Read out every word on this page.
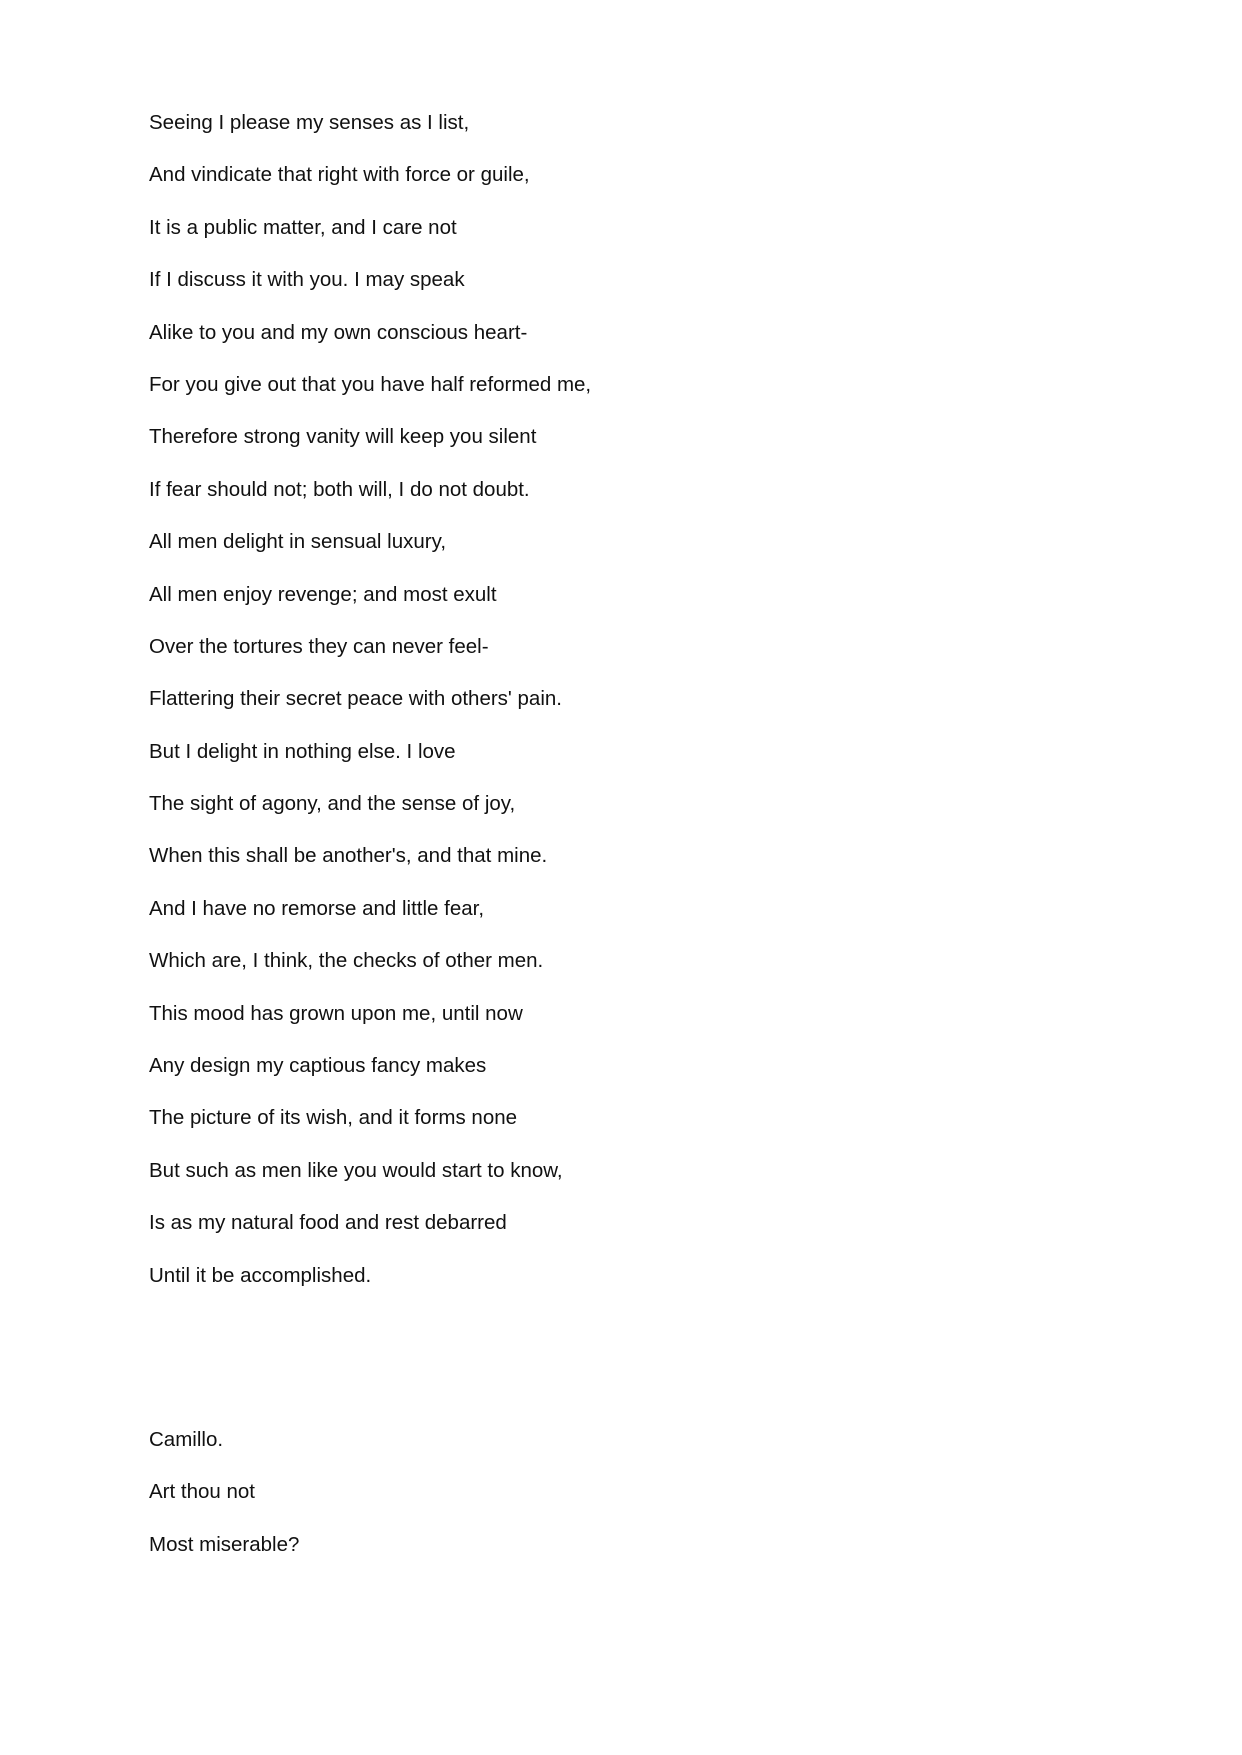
Seeing I please my senses as I list,
And vindicate that right with force or guile,
It is a public matter, and I care not
If I discuss it with you. I may speak
Alike to you and my own conscious heart-
For you give out that you have half reformed me,
Therefore strong vanity will keep you silent
If fear should not; both will, I do not doubt.
All men delight in sensual luxury,
All men enjoy revenge; and most exult
Over the tortures they can never feel-
Flattering their secret peace with others' pain.
But I delight in nothing else. I love
The sight of agony, and the sense of joy,
When this shall be another's, and that mine.
And I have no remorse and little fear,
Which are, I think, the checks of other men.
This mood has grown upon me, until now
Any design my captious fancy makes
The picture of its wish, and it forms none
But such as men like you would start to know,
Is as my natural food and rest debarred
Until it be accomplished.
Camillo.
Art thou not
Most miserable?
